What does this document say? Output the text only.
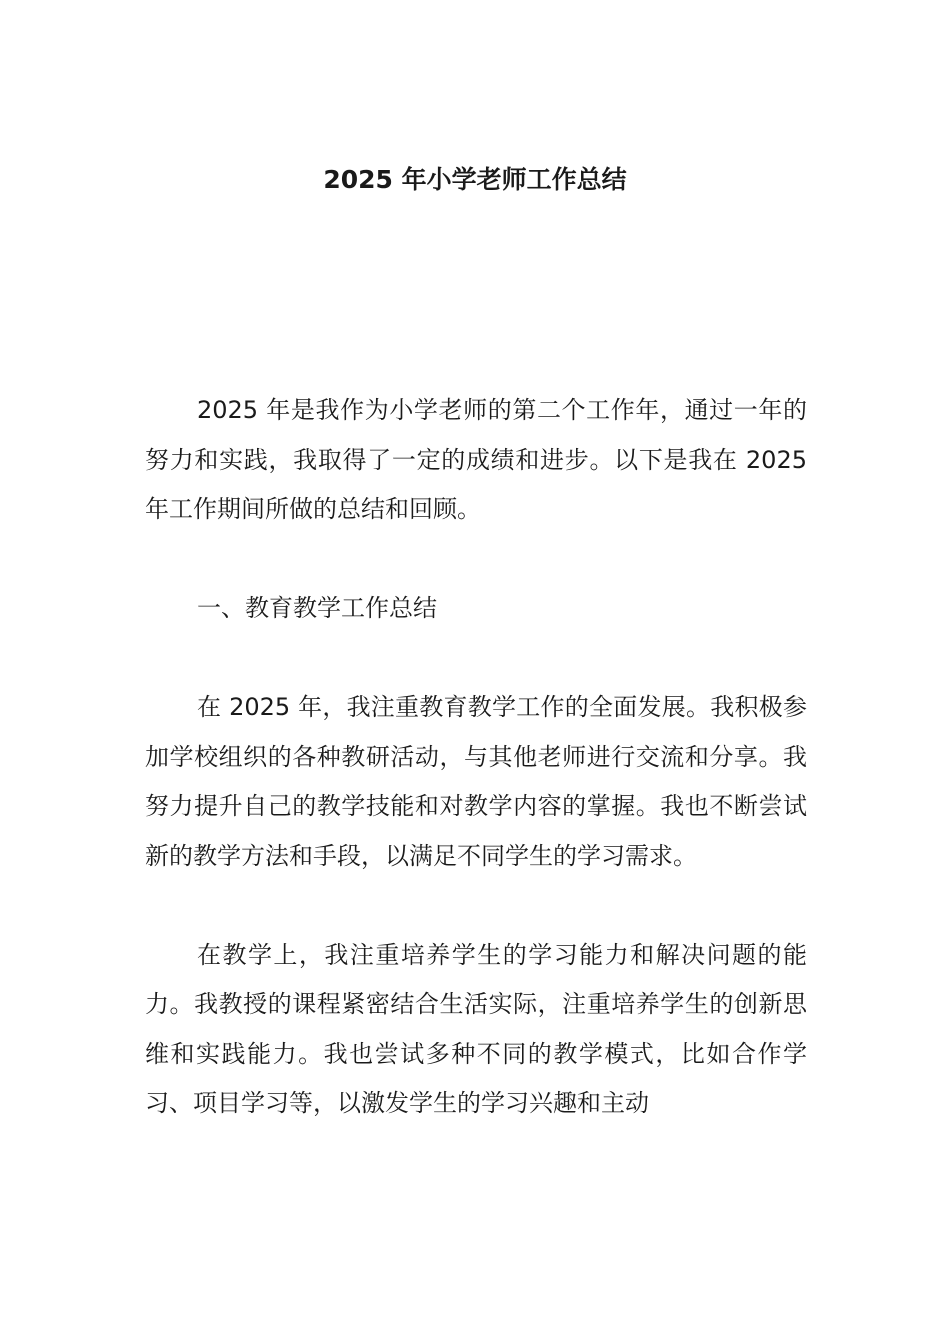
2025 年小学老师工作总结

2025 年是我作为小学老师的第二个工作年，通过一年的努力和实践，我取得了一定的成绩和进步。以下是我在 2025 年工作期间所做的总结和回顾。

一、教育教学工作总结

在 2025 年，我注重教育教学工作的全面发展。我积极参加学校组织的各种教研活动，与其他老师进行交流和分享。我努力提升自己的教学技能和对教学内容的掌握。我也不断尝试新的教学方法和手段，以满足不同学生的学习需求。

在教学上，我注重培养学生的学习能力和解决问题的能力。我教授的课程紧密结合生活实际，注重培养学生的创新思维和实践能力。我也尝试多种不同的教学模式，比如合作学习、项目学习等，以激发学生的学习兴趣和主动
